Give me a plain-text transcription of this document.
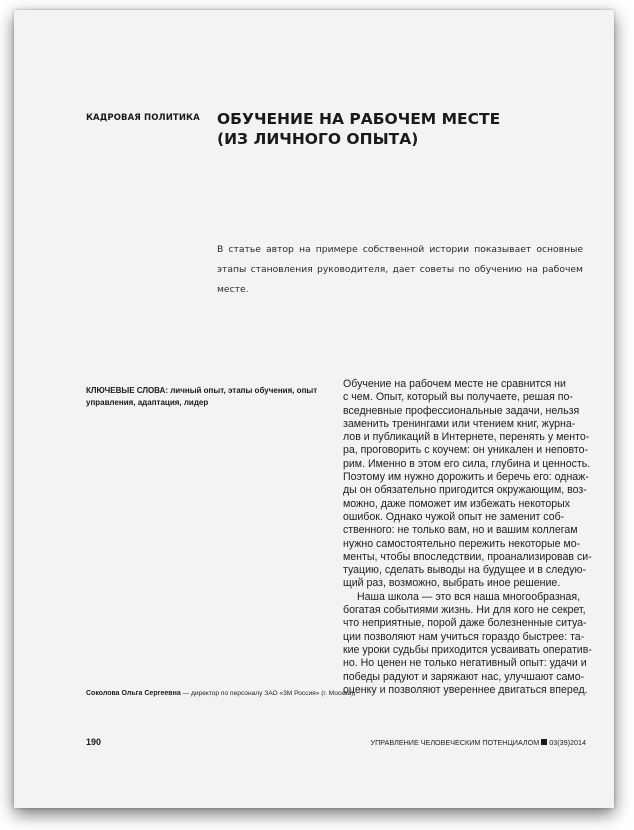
КАДРОВАЯ ПОЛИТИКА ОБУЧЕНИЕ НА РАБОЧЕМ МЕСТЕ
(ИЗ ЛИЧНОГО ОПЫТА)

В статье автор на примере собственной истории показывает основные этапы становления руководителя, дает советы по обучению на рабочем месте.

КЛЮЧЕВЫЕ СЛОВА: личный опыт, этапы обучения, опыт управления, адаптация, лидер
Обучение на рабочем месте не сравнится ни
с чем. Опыт, который вы получаете, решая по-
вседневные профессиональные задачи, нельзя
заменить тренингами или чтением книг, журна-
лов и публикаций в Интернете, перенять у менто-
ра, проговорить с коучем: он уникален и неповто-
рим. Именно в этом его сила, глубина и ценность.
Поэтому им нужно дорожить и беречь его: однаж-
ды он обязательно пригодится окружающим, воз-
можно, даже поможет им избежать некоторых
ошибок. Однако чужой опыт не заменит соб-
ственного: не только вам, но и вашим коллегам
нужно самостоятельно пережить некоторые мо-
менты, чтобы впоследствии, проанализировав си-
туацию, сделать выводы на будущее и в следую-
щий раз, возможно, выбрать иное решение.
Наша школа — это вся наша многообразная,
богатая событиями жизнь. Ни для кого не секрет,
что неприятные, порой даже болезненные ситуа-
ции позволяют нам учиться гораздо быстрее: та-
кие уроки судьбы приходится усваивать оператив-
но. Но ценен не только негативный опыт: удачи и
победы радуют и заряжают нас, улучшают само-
оценку и позволяют увереннее двигаться вперед.
Соколова Ольга Сергеевна — директор по персоналу ЗАО «3М Россия» (г. Москва)
190	УПРАВЛЕНИЕ ЧЕЛОВЕЧЕСКИМ ПОТЕНЦИАЛОМ 03(39)2014
